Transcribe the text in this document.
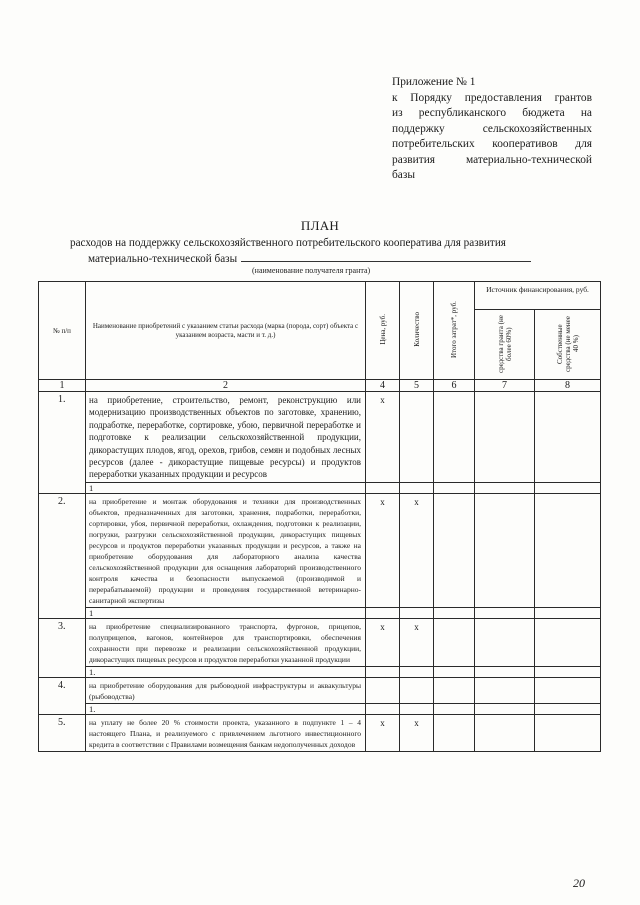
Приложение № 1
к Порядку предоставления грантов
из республиканского бюджета на
поддержку сельскохозяйственных
потребительских кооперативов для
развития материально-технической
базы
ПЛАН
расходов на поддержку сельскохозяйственного потребительского кооператива для развития
материально-технической базы
(наименование получателя гранта)
№ п/п	Наименование приобретений с указанием статьи расхода (марка (порода, сорт) объекта с указанием возраста, масти и т. д.)	Цена, руб.	Количество	Итого затрат*, руб.	Источник финансирования, руб.	
					средства гранта (не более 60%)	Собственные средства (не менее 40 %)
1	2	4	5	6	7	8
1.	на приобретение, строительство, ремонт, реконструкцию или модернизацию производственных объектов по заготовке, хранению, подработке, переработке, сортировке, убою, первичной переработке и подготовке к реализации сельскохозяйственной продукции, дикорастущих плодов, ягод, орехов, грибов, семян и подобных лесных ресурсов (далее - дикорастущие пищевые ресурсы) и продуктов переработки указанных продукции и ресурсов	x				
	1					
2.	на приобретение и монтаж оборудования и техники для производственных объектов, предназначенных для заготовки, хранения, подработки, переработки, сортировки, убоя, первичной переработки, охлаждения, подготовки к реализации, погрузки, разгрузки сельскохозяйственной продукции, дикорастущих пищевых ресурсов и продуктов переработки указанных продукции и ресурсов, а также на приобретение оборудования для лабораторного анализа качества сельскохозяйственной продукции для оснащения лабораторий производственного контроля качества и безопасности выпускаемой (производимой и перерабатываемой) продукции и проведения государственной ветеринарно-санитарной экспертизы	x	x			
	1					
3.	на приобретение специализированного транспорта, фургонов, прицепов, полуприцепов, вагонов, контейнеров для транспортировки, обеспечения сохранности при перевозке и реализации сельскохозяйственной продукции, дикорастущих пищевых ресурсов и продуктов переработки указанной продукции	x	x			
	1.					
4.	на приобретение оборудования для рыбоводной инфраструктуры и аквакультуры (рыбоводства)					
	1.					
5.	на уплату не более 20 % стоимости проекта, указанного в подпункте 1 – 4 настоящего Плана, и реализуемого с привлечением льготного инвестиционного кредита в соответствии с Правилами возмещения банкам недополученных доходов	x	x			
20
